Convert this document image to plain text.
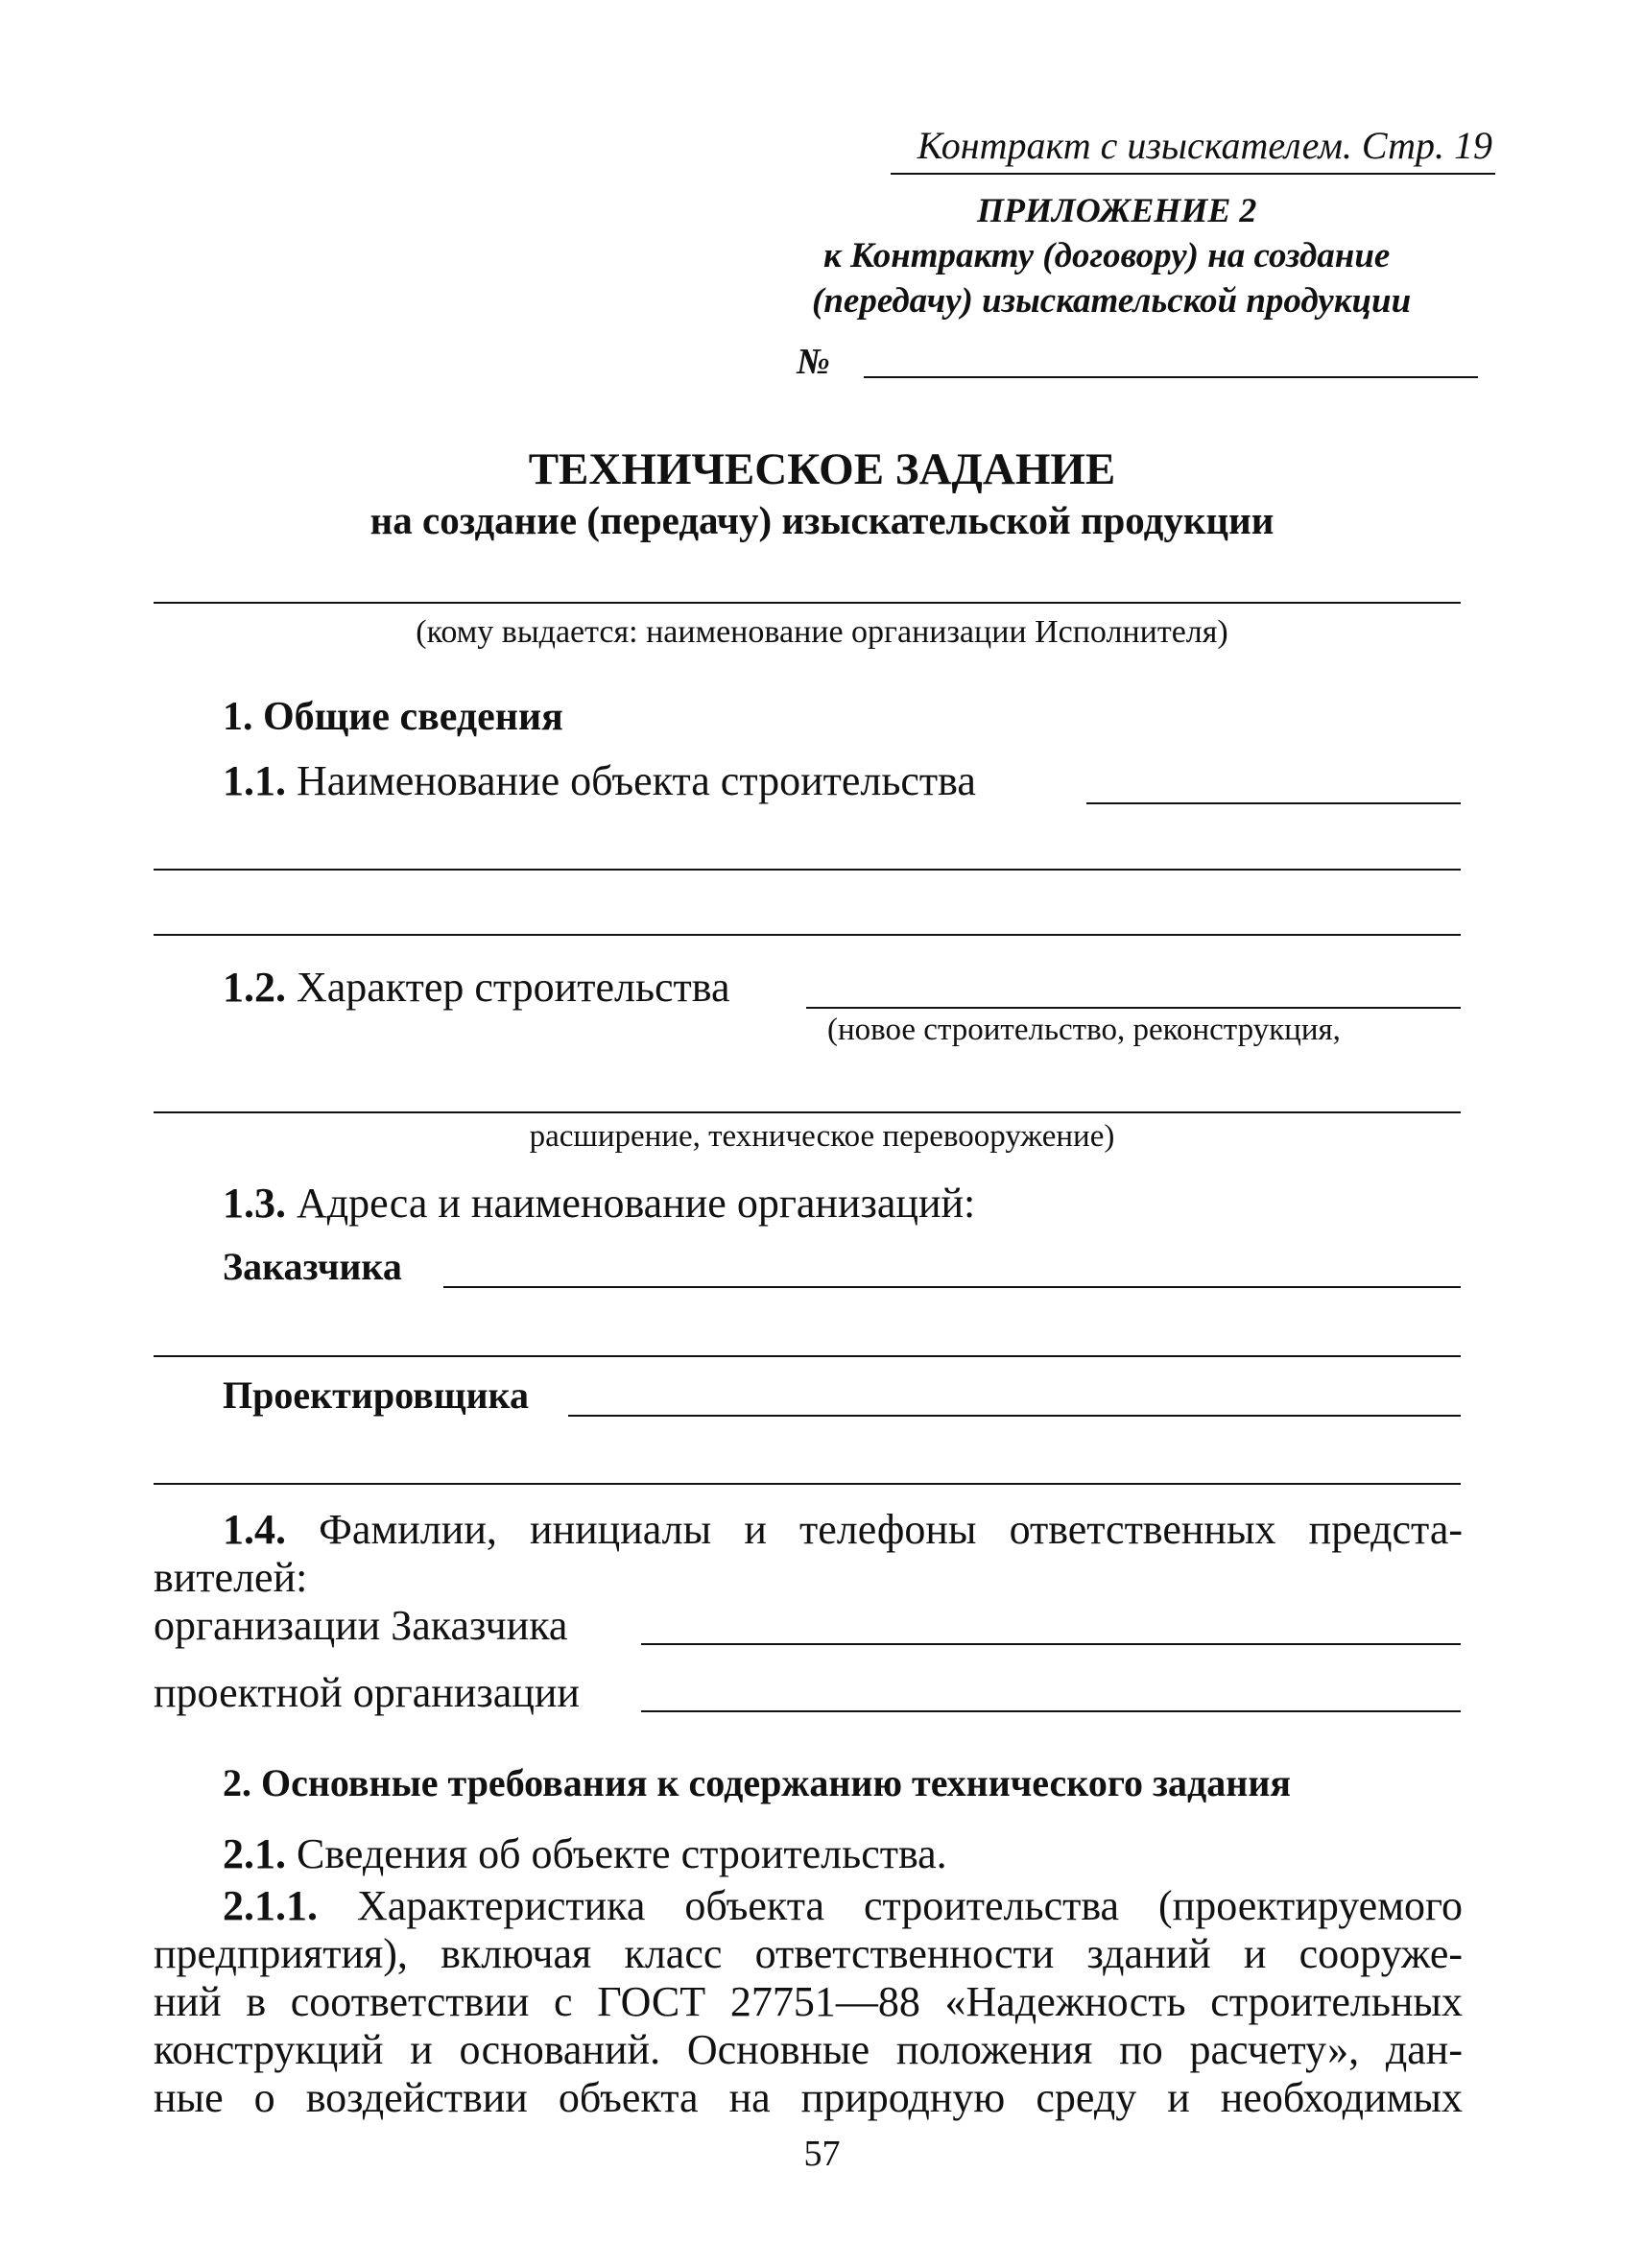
Контракт с изыскателем. Стр. 19
ПРИЛОЖЕНИЕ 2
к Контракту (договору) на создание
(передачу) изыскательской продукции
№
ТЕХНИЧЕСКОЕ ЗАДАНИЕ
на создание (передачу) изыскательской продукции
(кому выдается: наименование организации Исполнителя)
1. Общие сведения
1.1. Наименование объекта строительства
1.2. Характер строительства
(новое строительство, реконструкция,
расширение, техническое перевооружение)
1.3. Адреса и наименование организаций:
Заказчика
Проектировщика
1.4. Фамилии, инициалы и телефоны ответственных предста-
вителей:
организации Заказчика
проектной организации
2. Основные требования к содержанию технического задания
2.1. Сведения об объекте строительства.
2.1.1. Характеристика объекта строительства (проектируемого
предприятия), включая класс ответственности зданий и сооруже-
ний в соответствии с ГОСТ 27751—88 «Надежность строительных
конструкций и оснований. Основные положения по расчету», дан-
ные о воздействии объекта на природную среду и необходимых
57
